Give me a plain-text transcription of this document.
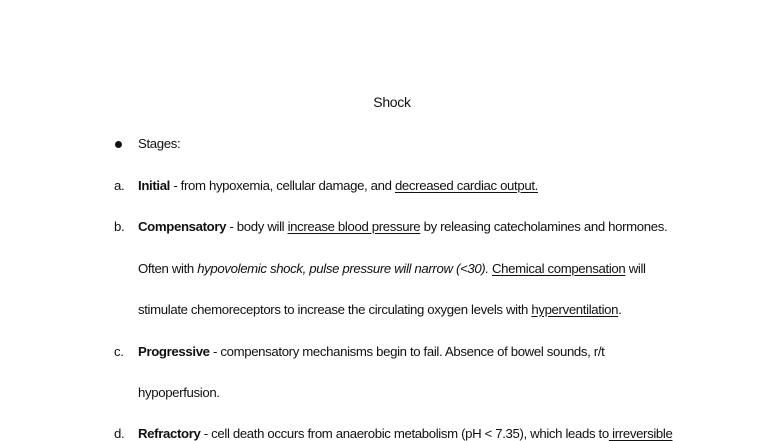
Shock
Stages:
a. Initial - from hypoxemia, cellular damage, and decreased cardiac output.
b. Compensatory - body will increase blood pressure by releasing catecholamines and hormones.
Often with hypovolemic shock, pulse pressure will narrow (<30). Chemical compensation will
stimulate chemoreceptors to increase the circulating oxygen levels with hyperventilation.
c. Progressive - compensatory mechanisms begin to fail. Absence of bowel sounds, r/t
hypoperfusion.
d. Refractory - cell death occurs from anaerobic metabolism (pH < 7.35), which leads to irreversible
